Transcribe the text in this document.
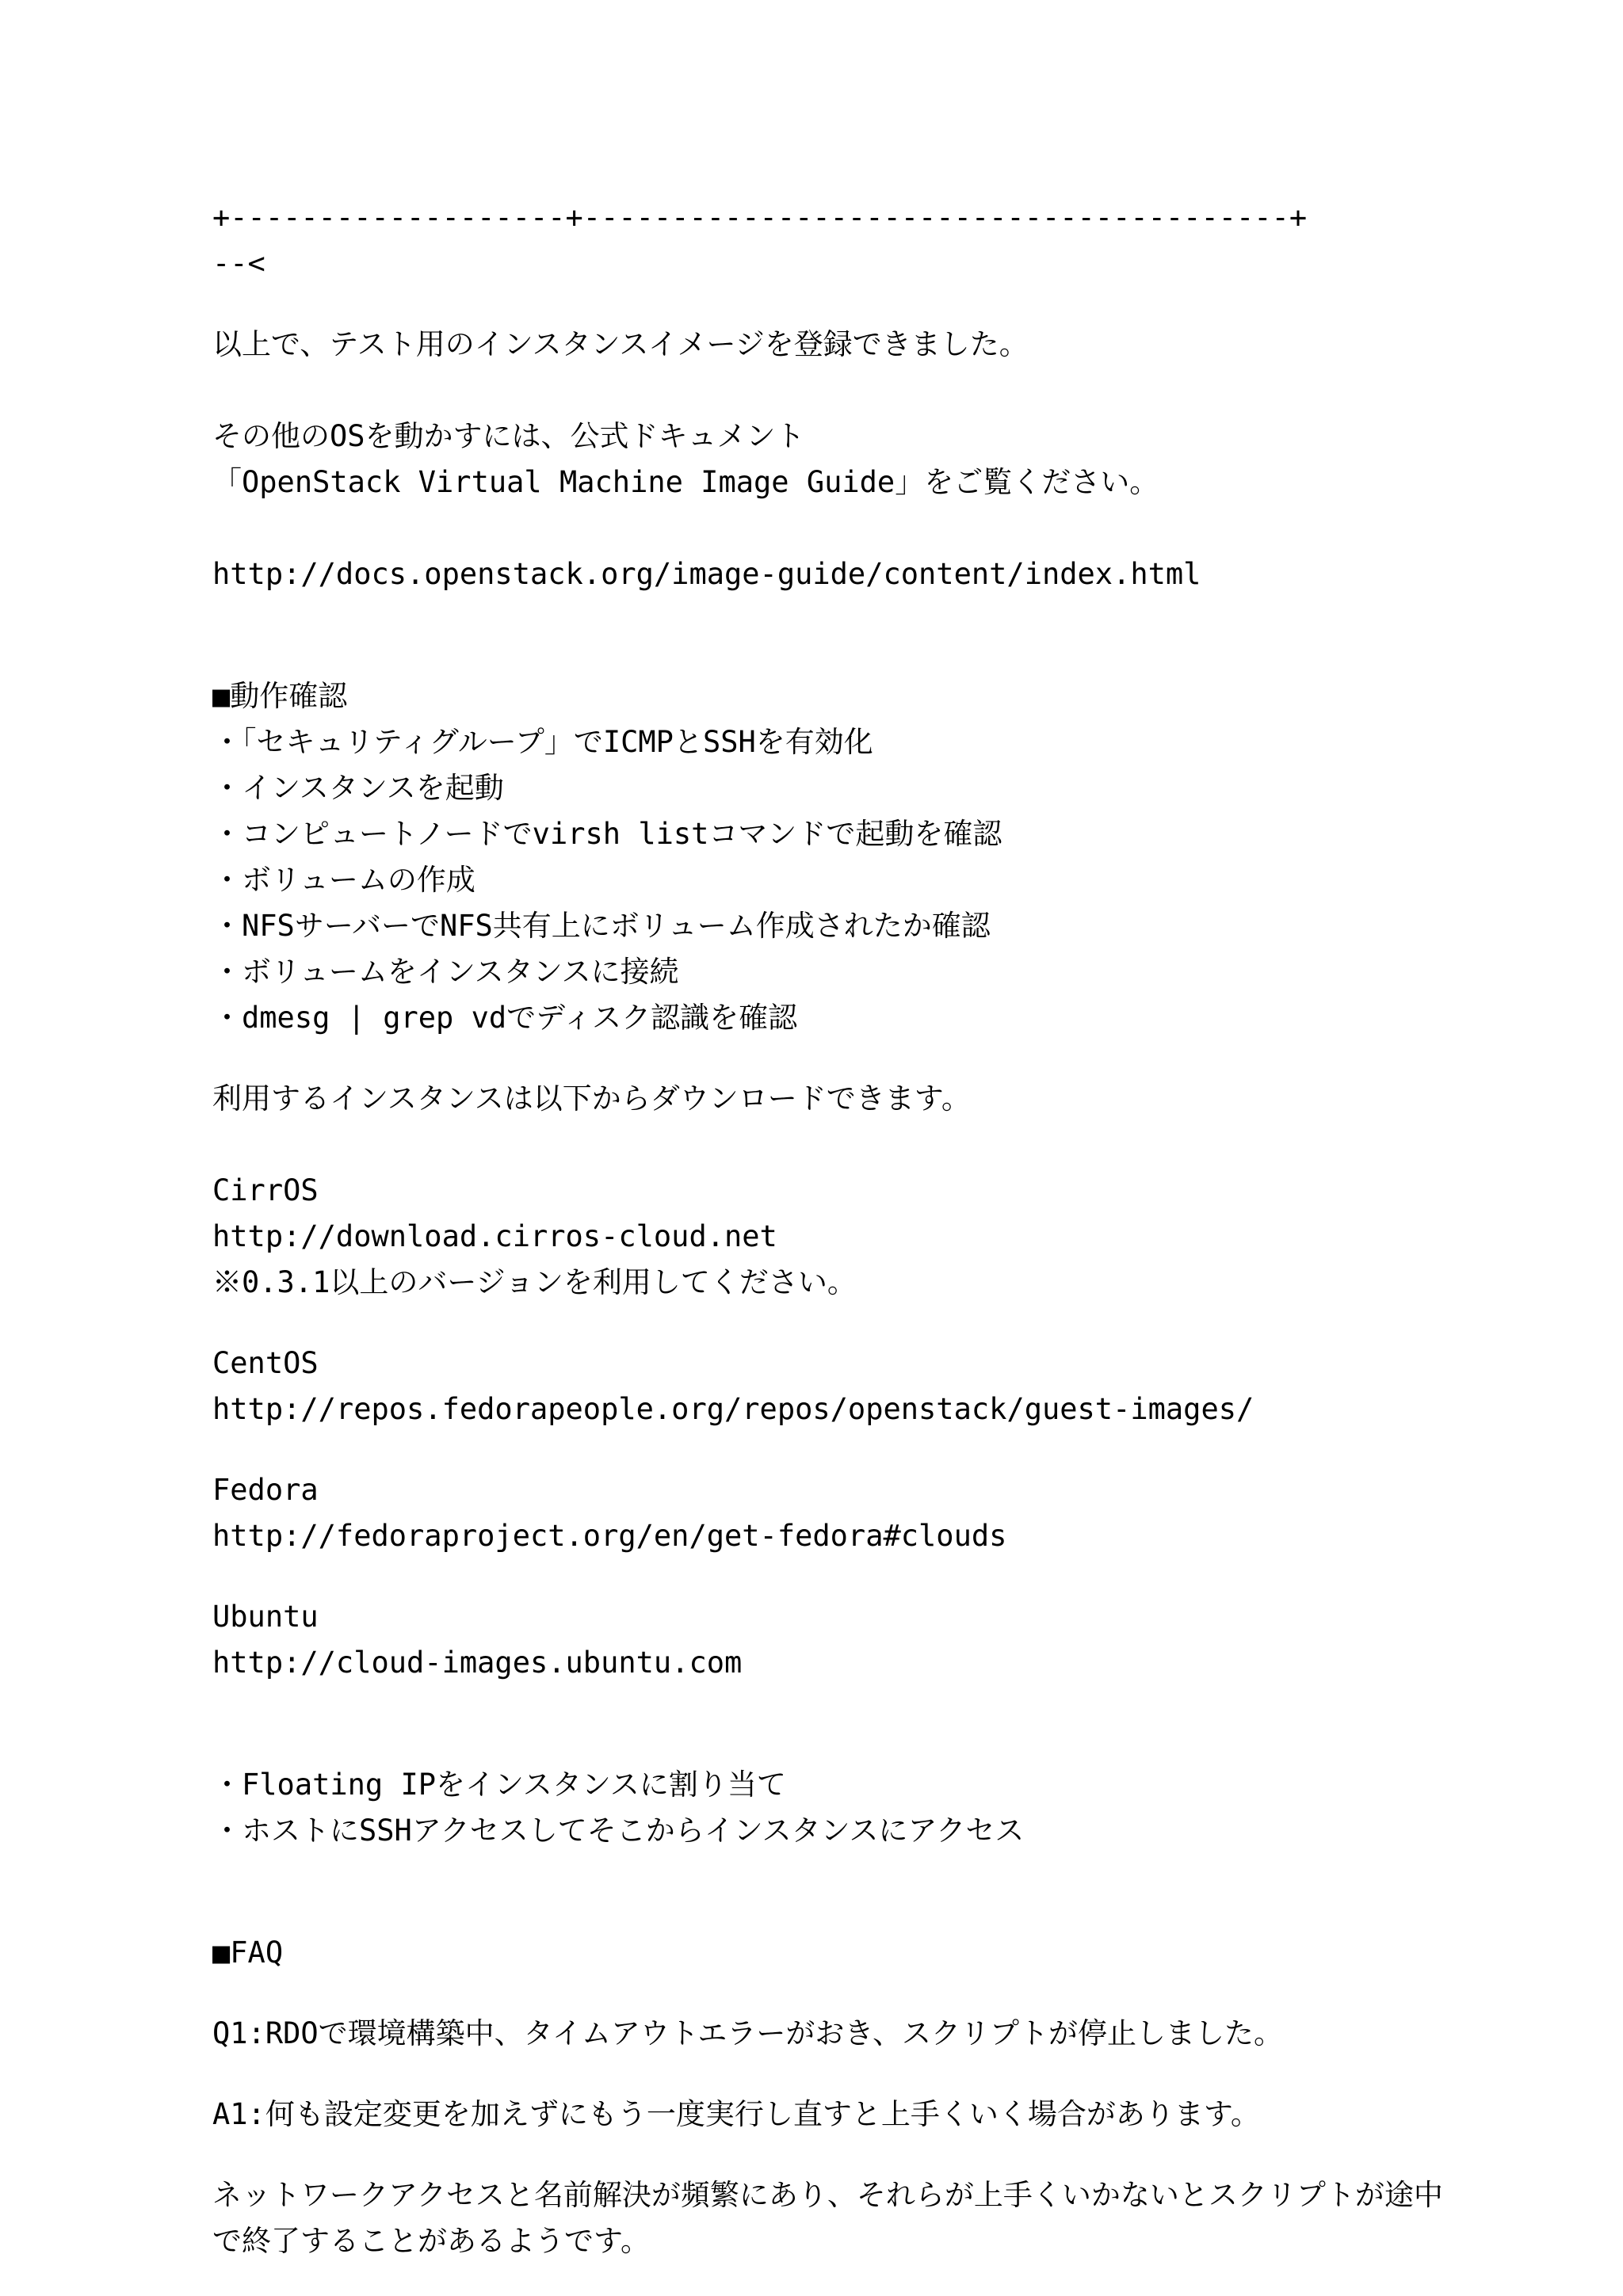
+-------------------+----------------------------------------+
--<
以上で、テスト用のインスタンスイメージを登録できました。
その他のOSを動かすには、公式ドキュメント
「OpenStack Virtual Machine Image Guide」をご覧ください。
http://docs.openstack.org/image-guide/content/index.html
■動作確認
・「セキュリティグループ」でICMPとSSHを有効化
・インスタンスを起動
・コンピュートノードでvirsh listコマンドで起動を確認
・ボリュームの作成
・NFSサーバーでNFS共有上にボリューム作成されたか確認
・ボリュームをインスタンスに接続
・dmesg | grep vdでディスク認識を確認
利用するインスタンスは以下からダウンロードできます。
CirrOS
http://download.cirros-cloud.net
※0.3.1以上のバージョンを利用してください。
CentOS
http://repos.fedorapeople.org/repos/openstack/guest-images/
Fedora
http://fedoraproject.org/en/get-fedora#clouds
Ubuntu
http://cloud-images.ubuntu.com
・Floating IPをインスタンスに割り当て
・ホストにSSHアクセスしてそこからインスタンスにアクセス
■FAQ
Q1:RDOで環境構築中、タイムアウトエラーがおき、スクリプトが停止しました。
A1:何も設定変更を加えずにもう一度実行し直すと上手くいく場合があります。
ネットワークアクセスと名前解決が頻繁にあり、それらが上手くいかないとスクリプトが途中で終了することがあるようです。
